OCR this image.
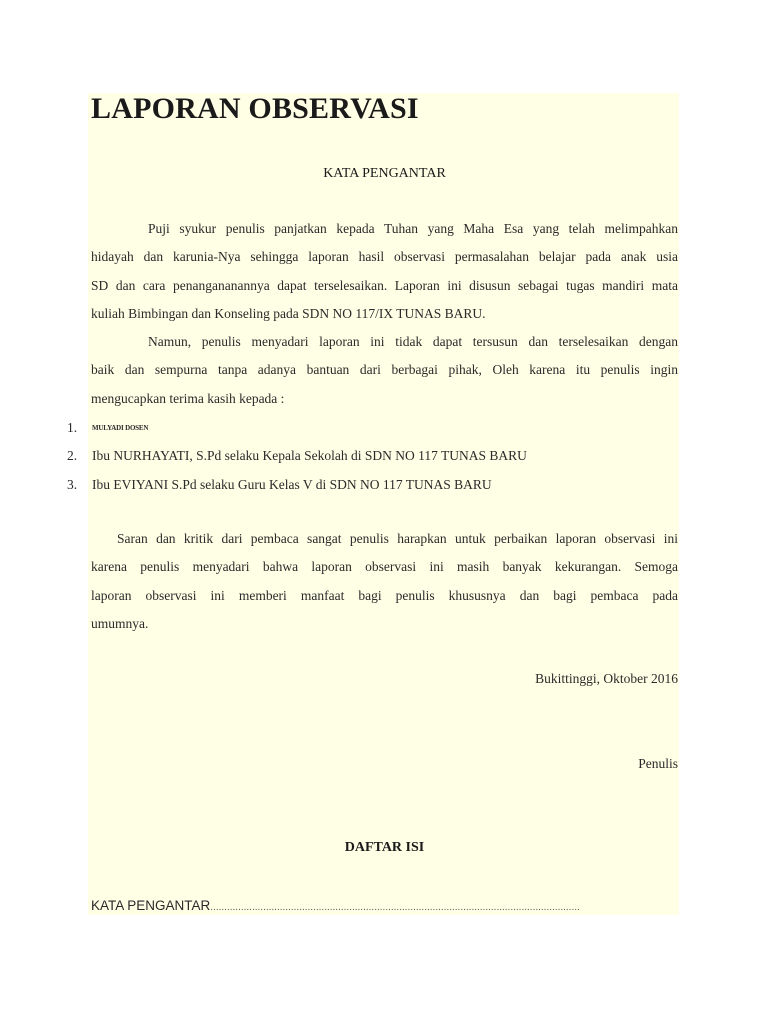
LAPORAN OBSERVASI

KATA PENGANTAR

Puji syukur penulis panjatkan kepada Tuhan yang Maha Esa yang telah melimpahkan
hidayah dan karunia-Nya sehingga laporan hasil observasi permasalahan belajar pada anak usia
SD dan cara penangananannya dapat terselesaikan. Laporan ini disusun sebagai tugas mandiri mata
kuliah Bimbingan dan Konseling pada SDN NO 117/IX TUNAS BARU.
Namun, penulis menyadari laporan ini tidak dapat tersusun dan terselesaikan dengan
baik dan sempurna tanpa adanya bantuan dari berbagai pihak, Oleh karena itu penulis ingin
mengucapkan terima kasih kepada :
1.	MULYADI DOSEN
2.	Ibu NURHAYATI, S.Pd selaku Kepala Sekolah di SDN NO 117 TUNAS BARU
3.	Ibu EVIYANI S.Pd selaku Guru Kelas V di SDN NO 117 TUNAS BARU
Saran dan kritik dari pembaca sangat penulis harapkan untuk perbaikan laporan observasi ini
karena penulis menyadari bahwa laporan observasi ini masih banyak kekurangan. Semoga
laporan observasi ini memberi manfaat bagi penulis khususnya dan bagi pembaca pada
umumnya.

Bukittinggi, Oktober 2016

Penulis

DAFTAR ISI

KATA PENGANTAR.....................................................................................................................................
